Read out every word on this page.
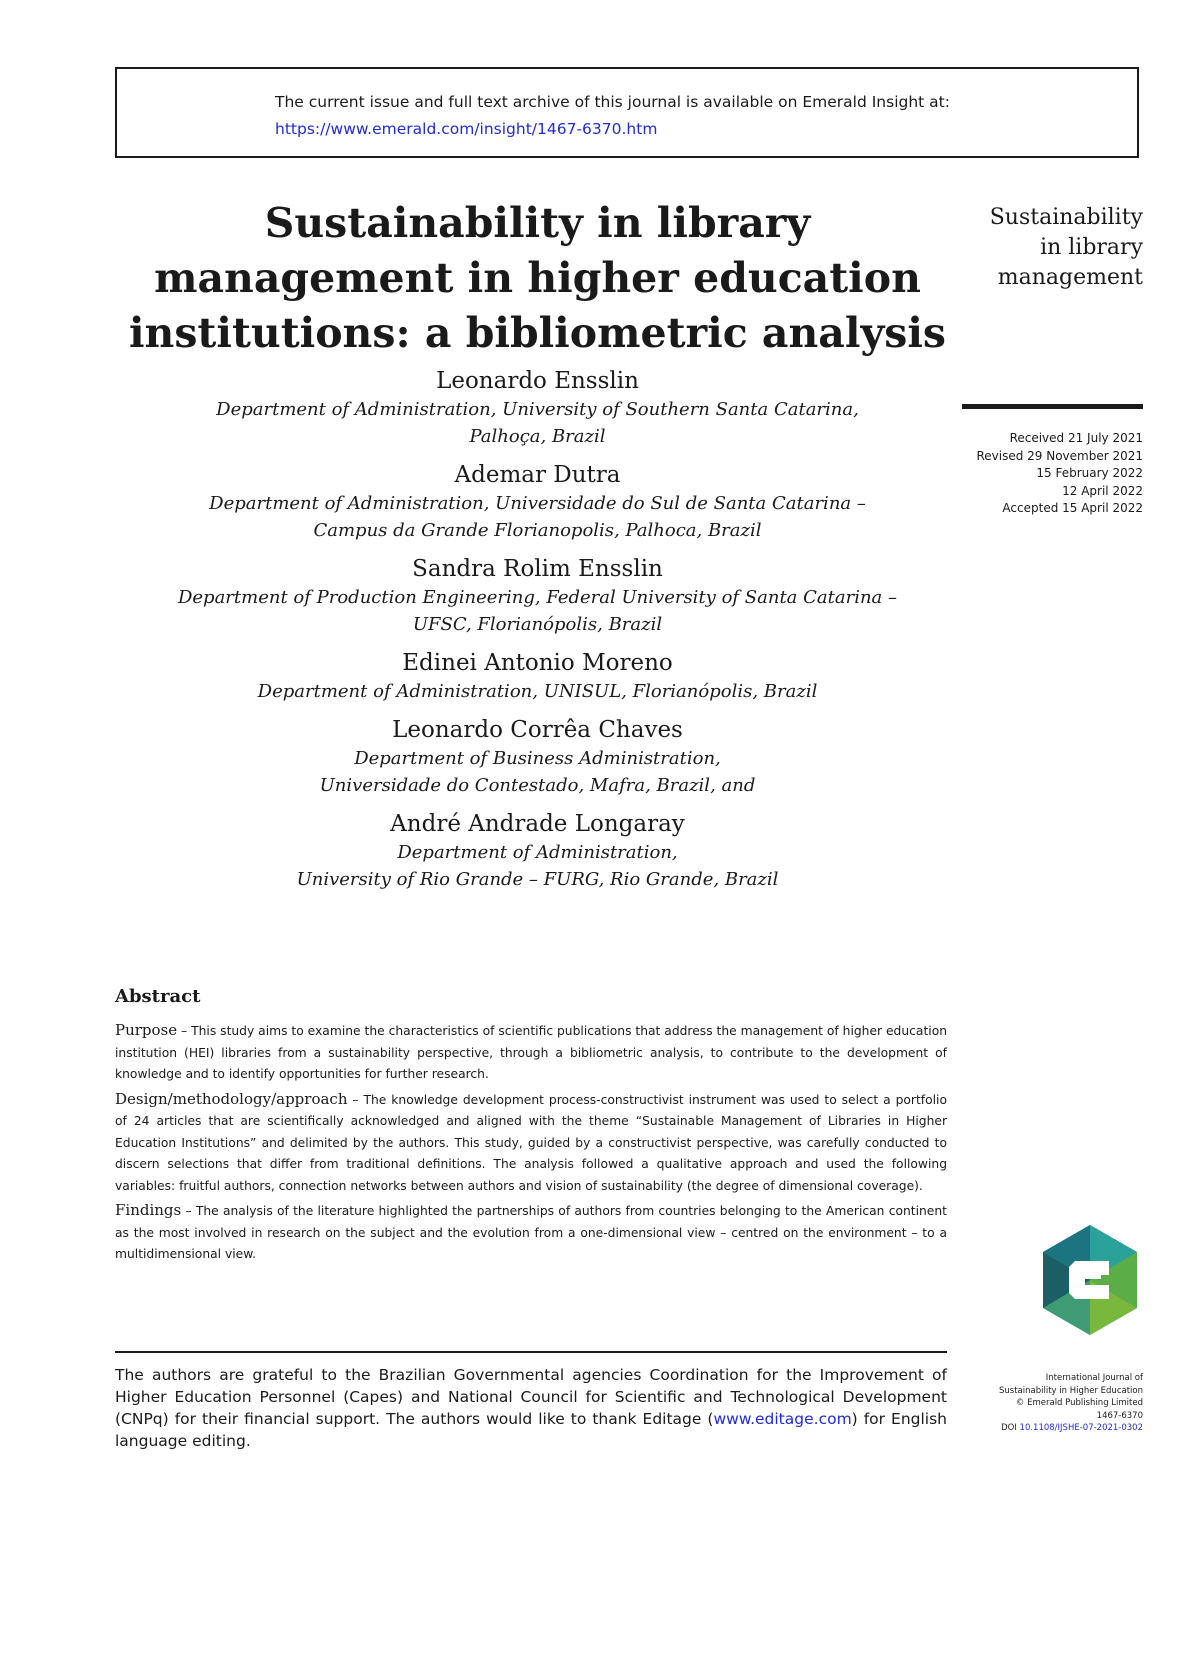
The current issue and full text archive of this journal is available on Emerald Insight at:

https://www.emerald.com/insight/1467-6370.htm

Sustainability in library management in higher education institutions: a bibliometric analysis
Sustainability
in library
management
Received 21 July 2021
Revised 29 November 2021
15 February 2022
12 April 2022
Accepted 15 April 2022

Leonardo Ensslin

Department of Administration, University of Southern Santa Catarina,

Palhoça, Brazil

Ademar Dutra

Department of Administration, Universidade do Sul de Santa Catarina –

Campus da Grande Florianopolis, Palhoca, Brazil

Sandra Rolim Ensslin

Department of Production Engineering, Federal University of Santa Catarina –

UFSC, Florianópolis, Brazil

Edinei Antonio Moreno

Department of Administration, UNISUL, Florianópolis, Brazil

Leonardo Corrêa Chaves

Department of Business Administration,

Universidade do Contestado, Mafra, Brazil, and

André Andrade Longaray

Department of Administration,

University of Rio Grande – FURG, Rio Grande, Brazil

Abstract

Purpose – This study aims to examine the characteristics of scientific publications that address the management of higher education institution (HEI) libraries from a sustainability perspective, through a bibliometric analysis, to contribute to the development of knowledge and to identify opportunities for further research.

Design/methodology/approach – The knowledge development process-constructivist instrument was used to select a portfolio of 24 articles that are scientifically acknowledged and aligned with the theme “Sustainable Management of Libraries in Higher Education Institutions” and delimited by the authors. This study, guided by a constructivist perspective, was carefully conducted to discern selections that differ from traditional definitions. The analysis followed a qualitative approach and used the following variables: fruitful authors, connection networks between authors and vision of sustainability (the degree of dimensional coverage).

Findings – The analysis of the literature highlighted the partnerships of authors from countries belonging to the American continent as the most involved in research on the subject and the evolution from a one-dimensional view – centred on the environment – to a multidimensional view.

The authors are grateful to the Brazilian Governmental agencies Coordination for the Improvement of Higher Education Personnel (Capes) and National Council for Scientific and Technological Development (CNPq) for their financial support. The authors would like to thank Editage (www.editage.com) for English language editing.

International Journal of
Sustainability in Higher Education
© Emerald Publishing Limited
1467-6370
DOI 10.1108/IJSHE-07-2021-0302
